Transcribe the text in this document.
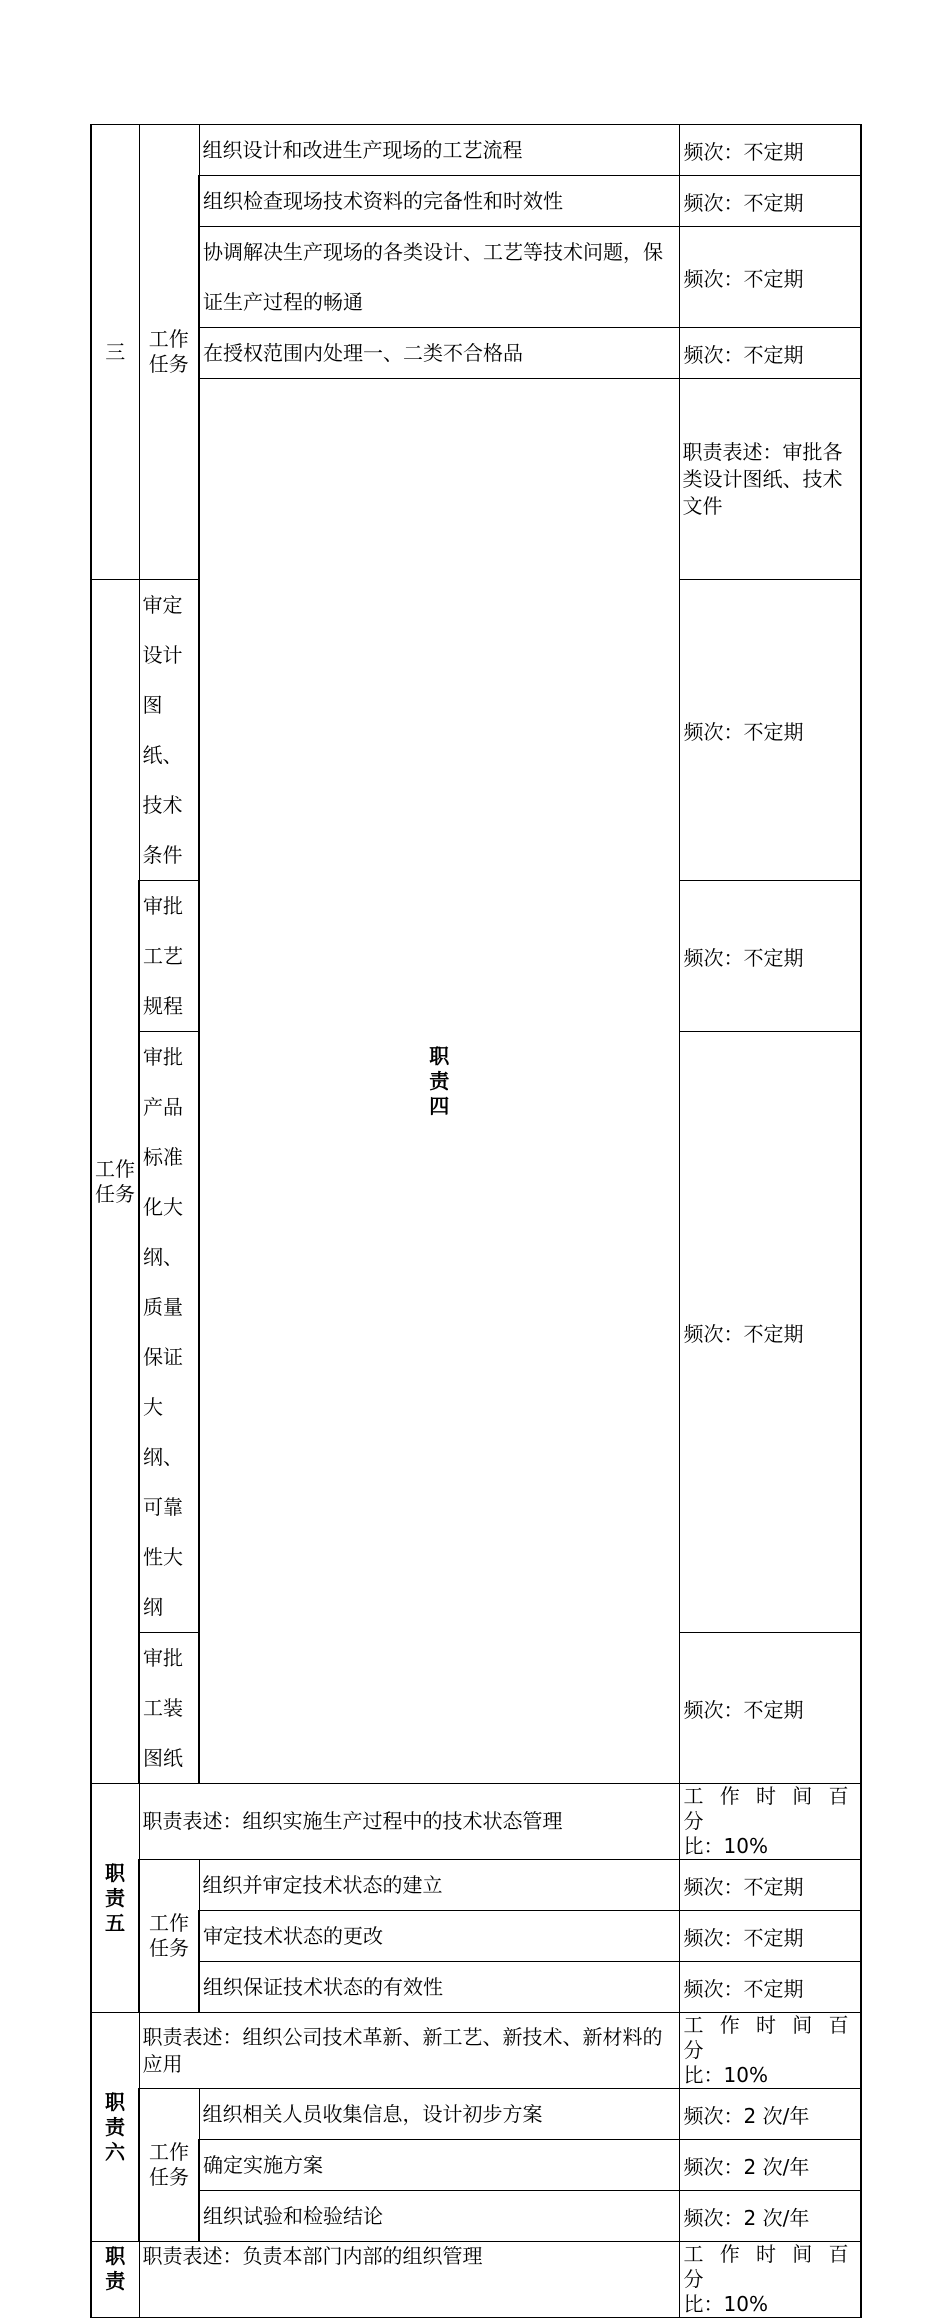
三	工作任务	组织设计和改进生产现场的工艺流程	频次：不定期	
		组织检查现场技术资料的完备性和时效性	频次：不定期	
		协调解决生产现场的各类设计、工艺等技术问题，保证生产过程的畅通	频次：不定期	
		在授权范围内处理一、二类不合格品	频次：不定期	
		职责四	职责表述：审批各类设计图纸、技术文件	

工作任务	审定设计图纸、技术条件		频次：不定期	
	审批工艺规程		频次：不定期	
	审批产品标准化大纲、质量保证大纲、可靠性大纲		频次：不定期	
	审批工装图纸		频次：不定期	
职责五	职责表述：组织实施生产过程中的技术状态管理		工作时间百分
比：10%	
	工作任务	组织并审定技术状态的建立	频次：不定期	
		审定技术状态的更改	频次：不定期	
		组织保证技术状态的有效性	频次：不定期	
职责六	职责表述：组织公司技术革新、新工艺、新技术、新材料的应用		工作时间百分
比：10%	
	工作任务	组织相关人员收集信息，设计初步方案	频次：2 次/年	
		确定实施方案	频次：2 次/年	
		组织试验和检验结论	频次：2 次/年	
职责	职责表述：负责本部门内部的组织管理		工作时间百分
比：10%	
